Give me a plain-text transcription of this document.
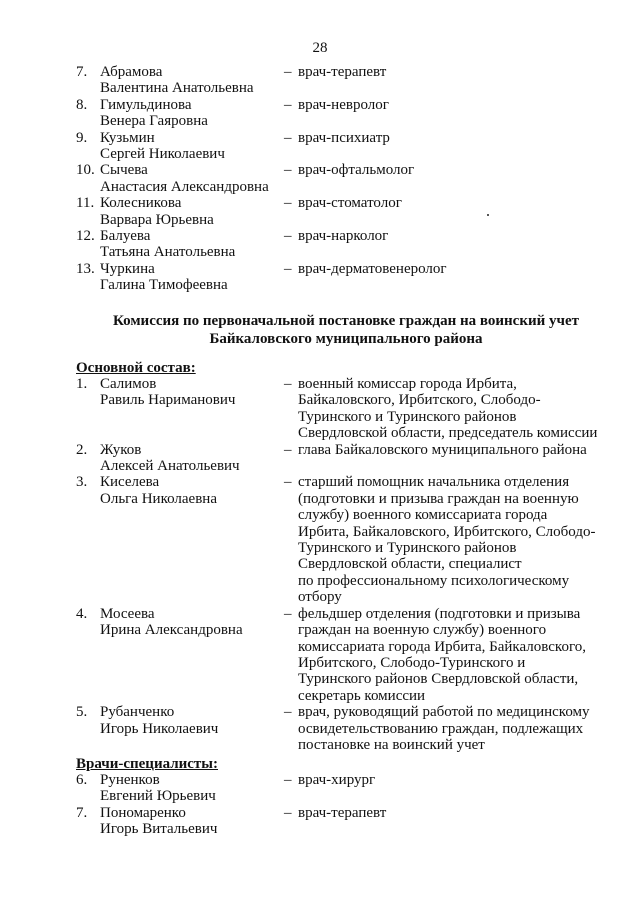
28
7. Абрамова
Валентина Анатольевна
– врач-терапевт
8. Гимульдинова
Венера Гаяровна
– врач-невролог
9. Кузьмин
Сергей Николаевич
– врач-психиатр
10. Сычева
Анастасия Александровна
– врач-офтальмолог
11. Колесникова
Варвара Юрьевна
– врач-стоматолог
12. Балуева
Татьяна Анатольевна
– врач-нарколог
13. Чуркина
Галина Тимофеевна
– врач-дерматовенеролог
Комиссия по первоначальной постановке граждан на воинский учет
Байкаловского муниципального района
Основной состав:
1. Салимов
Равиль Нариманович
– военный комиссар города Ирбита,
Байкаловского, Ирбитского, Слободо-
Туринского и Туринского районов
Свердловской области, председатель комиссии
2. Жуков
Алексей Анатольевич
– глава Байкаловского муниципального района
3. Киселева
Ольга Николаевна
– старший помощник начальника отделения
(подготовки и призыва граждан на военную
службу) военного комиссариата города
Ирбита, Байкаловского, Ирбитского, Слободо-
Туринского и Туринского районов
Свердловской области, специалист
по профессиональному психологическому
отбору
4. Мосеева
Ирина Александровна
– фельдшер отделения (подготовки и призыва
граждан на военную службу) военного
комиссариата города Ирбита, Байкаловского,
Ирбитского, Слободо-Туринского и
Туринского районов Свердловской области,
секретарь комиссии
5. Рубанченко
Игорь Николаевич
– врач, руководящий работой по медицинскому
освидетельствованию граждан, подлежащих
постановке на воинский учет
Врачи-специалисты:
6. Руненков
Евгений Юрьевич
– врач-хирург
7. Пономаренко
Игорь Витальевич
– врач-терапевт
